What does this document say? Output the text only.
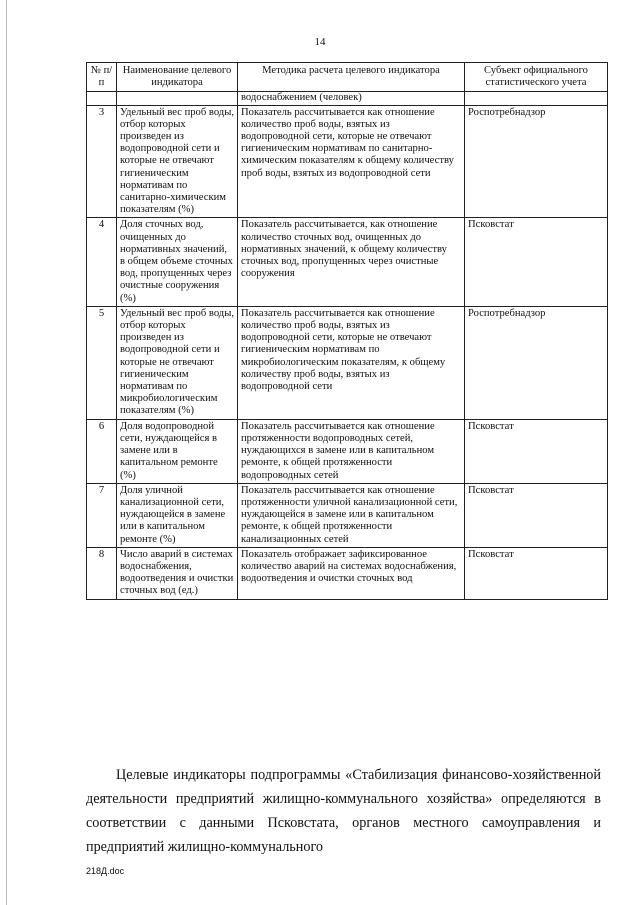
14
№ п/п	Наименование целевого индикатора	Методика расчета целевого индикатора	Субъект официального статистического учета
		водоснабжением (человек)	
3	Удельный вес проб воды, отбор которых произведен из водопроводной сети и которые не отвечают гигиеническим нормативам по санитарно-химическим показателям (%)	Показатель рассчитывается как отношение количество проб воды, взятых из водопроводной сети, которые не отвечают гигиеническим нормативам по санитарно-химическим показателям к общему количеству проб воды, взятых из водопроводной сети	Роспотребнадзор
4	Доля сточных вод, очищенных до нормативных значений, в общем объеме сточных вод, пропущенных через очистные сооружения (%)	Показатель рассчитывается, как отношение количество сточных вод, очищенных до нормативных значений, к общему количеству сточных вод, пропущенных через очистные сооружения	Псковстат
5	Удельный вес проб воды, отбор которых произведен из водопроводной сети и которые не отвечают гигиеническим нормативам по микробиологическим показателям (%)	Показатель рассчитывается как отношение количество проб воды, взятых из водопроводной сети, которые не отвечают гигиеническим нормативам по микробиологическим показателям, к общему количеству проб воды, взятых из водопроводной сети	Роспотребнадзор
6	Доля водопроводной сети, нуждающейся в замене или в капитальном ремонте (%)	Показатель рассчитывается как отношение протяженности водопроводных сетей, нуждающихся в замене или в капитальном ремонте, к общей протяженности водопроводных сетей	Псковстат
7	Доля уличной канализационной сети, нуждающейся в замене или в капитальном ремонте (%)	Показатель рассчитывается как отношение протяженности уличной канализационной сети, нуждающейся в замене или в капитальном ремонте, к общей протяженности канализационных сетей	Псковстат
8	Число аварий в системах водоснабжения, водоотведения и очистки сточных вод (ед.)	Показатель отображает зафиксированное количество аварий на системах водоснабжения, водоотведения и очистки сточных вод	Псковстат
Целевые индикаторы подпрограммы «Стабилизация финансово-хозяйственной деятельности предприятий жилищно-коммунального хозяйства» определяются в соответствии с данными Псковстата, органов местного самоуправления и предприятий жилищно-коммунального
218Д.doc
